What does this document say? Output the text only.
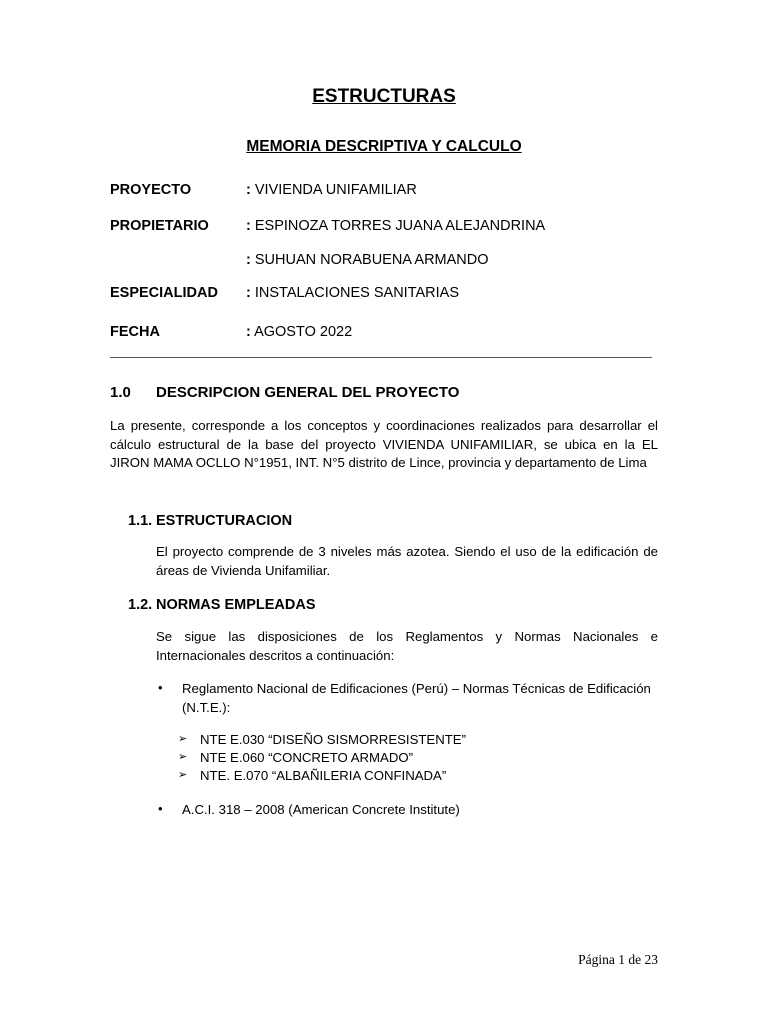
ESTRUCTURAS
MEMORIA DESCRIPTIVA Y CALCULO
PROYECTO	: VIVIENDA UNIFAMILIAR
PROPIETARIO	: ESPINOZA TORRES JUANA ALEJANDRINA
: SUHUAN NORABUENA ARMANDO
ESPECIALIDAD : INSTALACIONES SANITARIAS
FECHA	: AGOSTO 2022
1.0 DESCRIPCION GENERAL DEL PROYECTO
La presente, corresponde a los conceptos y coordinaciones realizados para desarrollar el cálculo estructural de la base del proyecto VIVIENDA UNIFAMILIAR, se ubica en la EL JIRON MAMA OCLLO N°1951, INT. N°5 distrito de Lince, provincia y departamento de Lima
1.1. ESTRUCTURACION
El proyecto comprende de 3 niveles más azotea. Siendo el uso de la edificación de áreas de Vivienda Unifamiliar.
1.2. NORMAS EMPLEADAS
Se sigue las disposiciones de los Reglamentos y Normas Nacionales e Internacionales descritos a continuación:
• Reglamento Nacional de Edificaciones (Perú) – Normas Técnicas de Edificación (N.T.E.):
➢ NTE E.030 “DISEÑO SISMORRESISTENTE”
➢ NTE E.060 “CONCRETO ARMADO”
➢ NTE. E.070 “ALBAÑILERIA CONFINADA”
• A.C.I. 318 – 2008 (American Concrete Institute)
Página 1 de 23
